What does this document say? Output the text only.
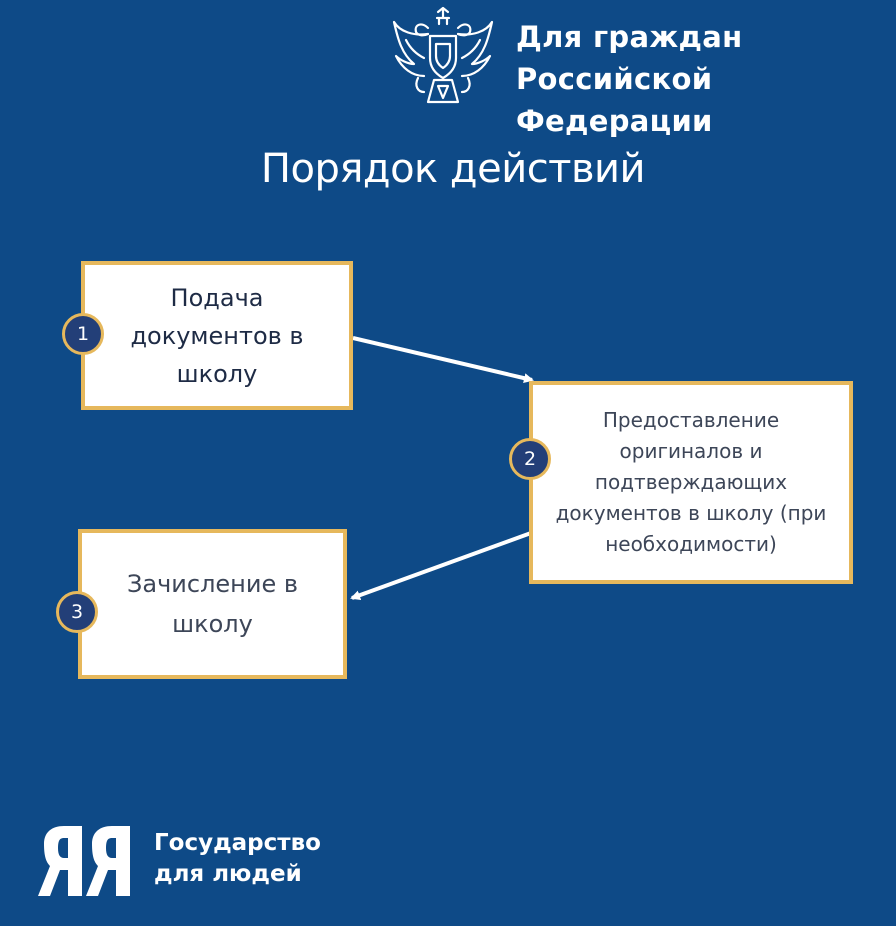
Для граждан
Российской Федерации
Порядок действий
Подача документов в школу
1
Предоставление оригиналов и подтверждающих документов в школу (при необходимости)
2
Зачисление в школу
3
Государство
для людей
